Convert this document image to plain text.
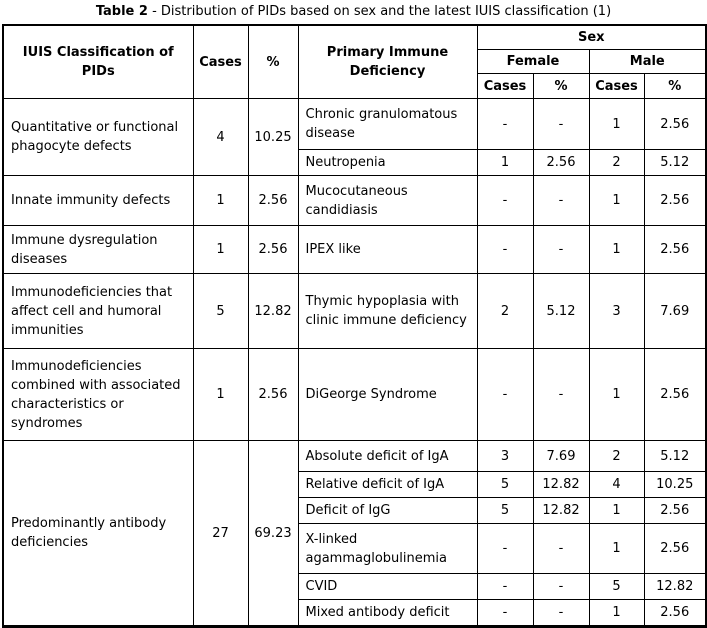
Table 2 - Distribution of PIDs based on sex and the latest IUIS classification (1)
IUIS Classification of PIDs	Cases	%	Primary Immune Deficiency	Sex			
				Female		Male	
				Cases	%	Cases	%
Quantitative or functional phagocyte defects	4	10.25	Chronic granulomatous disease	-	-	1	2.56
			Neutropenia	1	2.56	2	5.12
Innate immunity defects	1	2.56	Mucocutaneous candidiasis	-	-	1	2.56
Immune dysregulation diseases	1	2.56	IPEX like	-	-	1	2.56
Immunodeficiencies that affect cell and humoral immunities	5	12.82	Thymic hypoplasia with clinic immune deficiency	2	5.12	3	7.69
Immunodeficiencies combined with associated characteristics or syndromes	1	2.56	DiGeorge Syndrome	-	-	1	2.56
Predominantly antibody deficiencies	27	69.23	Absolute deficit of IgA	3	7.69	2	5.12
			Relative deficit of IgA	5	12.82	4	10.25
			Deficit of IgG	5	12.82	1	2.56
			X-linked agammaglobulinemia	-	-	1	2.56
			CVID	-	-	5	12.82
			Mixed antibody deficit	-	-	1	2.56
